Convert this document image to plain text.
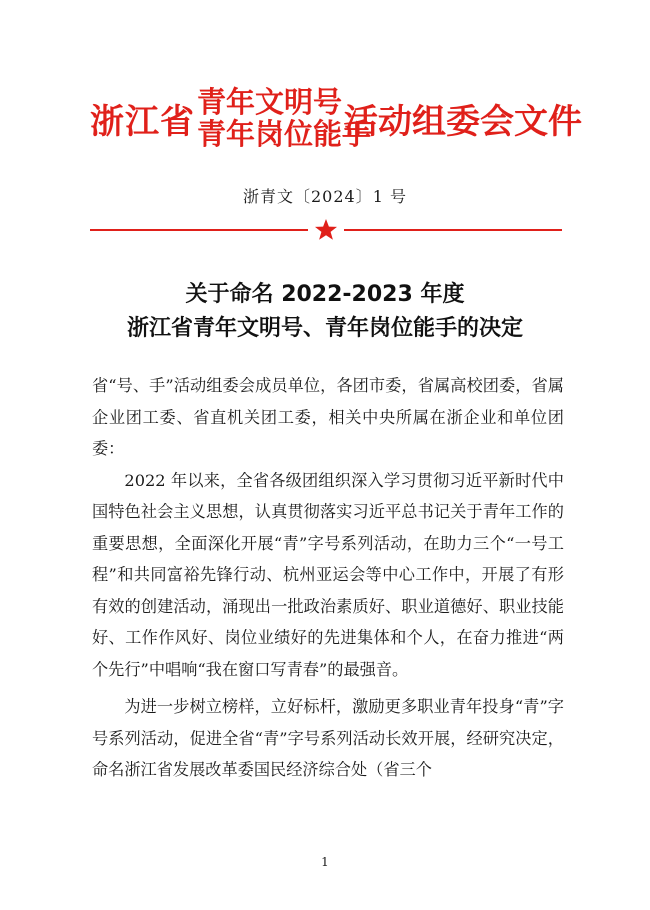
浙江省 青年文明号
青年岗位能手
活动组委会文件
浙青文〔2024〕1 号
关于命名 2022-2023 年度
浙江省青年文明号、青年岗位能手的决定

省“号、手”活动组委会成员单位，各团市委，省属高校团委，省属企业团工委、省直机关团工委，相关中央所属在浙企业和单位团委：

2022 年以来，全省各级团组织深入学习贯彻习近平新时代中国特色社会主义思想，认真贯彻落实习近平总书记关于青年工作的重要思想，全面深化开展“青”字号系列活动，在助力三个“一号工程”和共同富裕先锋行动、杭州亚运会等中心工作中，开展了有形有效的创建活动，涌现出一批政治素质好、职业道德好、职业技能好、工作作风好、岗位业绩好的先进集体和个人，在奋力推进“两个先行”中唱响“我在窗口写青春”的最强音。

为进一步树立榜样，立好标杆，激励更多职业青年投身“青”字号系列活动，促进全省“青”字号系列活动长效开展，经研究决定，命名浙江省发展改革委国民经济综合处（省三个

1
